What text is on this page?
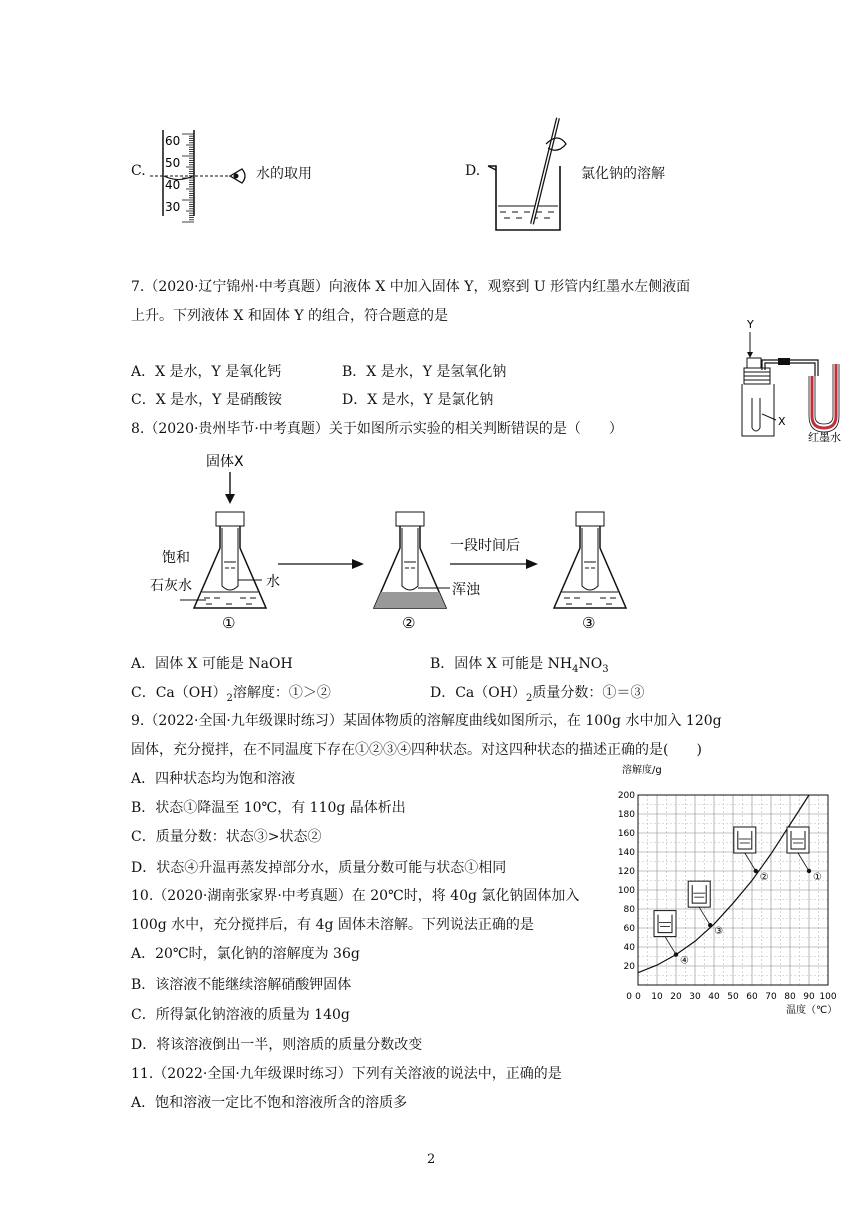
C.
60
50
40
30
水的取用	D.	氯化钠的溶解
7.（2020·辽宁锦州·中考真题）向液体 X 中加入固体 Y，观察到 U 形管内红墨水左侧液面
上升。下列液体 X 和固体 Y 的组合，符合题意的是
A．X 是水，Y 是氧化钙	B．X 是水，Y 是氢氧化钠
C．X 是水，Y 是硝酸铵	D．X 是水，Y 是氯化钠
Y
X
红墨水
8.（2020·贵州毕节·中考真题）关于如图所示实验的相关判断错误的是（　　）
固体X
饱和
石灰水	水
①
浑浊
②
一段时间后
③
A．固体 X 可能是 NaOH	B．固体 X 可能是 $NH_4NO_3$
C．$Ca(OH)_2$溶解度：①＞②	D．$Ca(OH)_2$质量分数：①＝③
9.（2022·全国·九年级课时练习）某固体物质的溶解度曲线如图所示，在 100g 水中加入 120g
固体，充分搅拌，在不同温度下存在①②③④四种状态。对这四种状态的描述正确的是(　　)
A．四种状态均为饱和溶液
B．状态①降温至 10℃，有 110g 晶体析出
C．质量分数：状态③>状态②
D．状态④升温再蒸发掉部分水，质量分数可能与状态①相同
溶解度/g
温度（℃）
0 10 20 30 40 50 60 70 80 90 100
20
40
60
80
100
120
140
160
180
200
0
①
②
③
④
10.（2020·湖南张家界·中考真题）在 20℃时，将 40g 氯化钠固体加入
100g 水中，充分搅拌后，有 4g 固体未溶解。下列说法正确的是
A．20℃时，氯化钠的溶解度为 36g
B．该溶液不能继续溶解硝酸钾固体
C．所得氯化钠溶液的质量为 140g
D．将该溶液倒出一半，则溶质的质量分数改变
11.（2022·全国·九年级课时练习）下列有关溶液的说法中，正确的是
A．饱和溶液一定比不饱和溶液所含的溶质多
2
